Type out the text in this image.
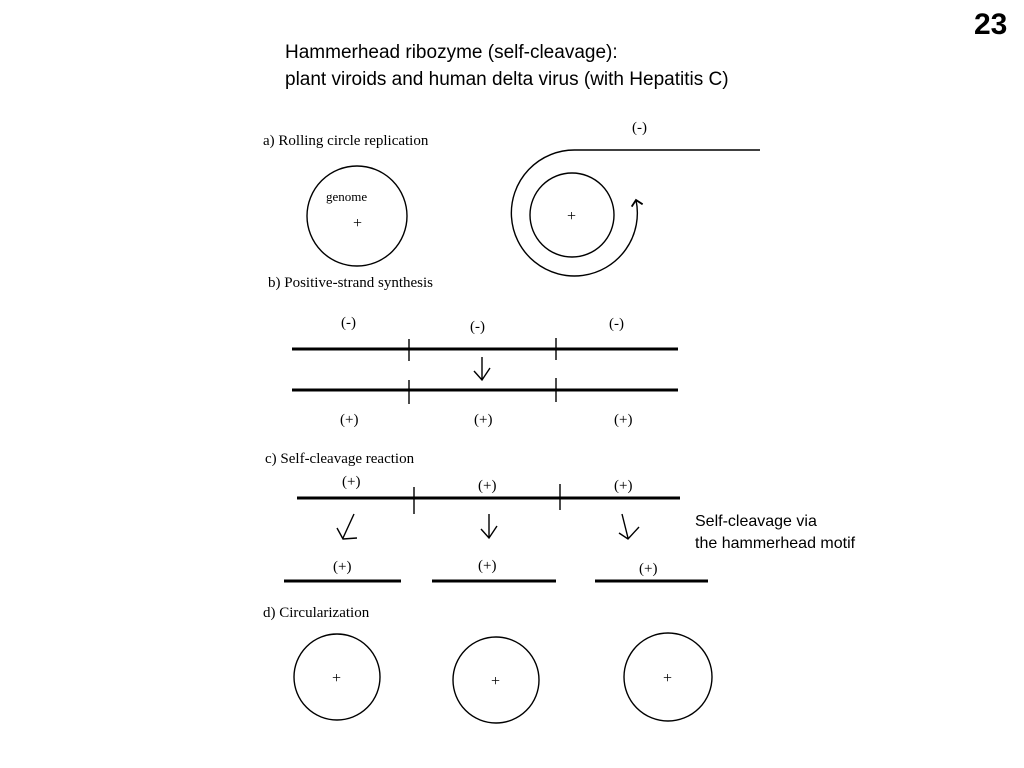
23
Hammerhead ribozyme (self-cleavage):
plant viroids and human delta virus (with Hepatitis C)
a) Rolling circle replication
genome
+	+
(-)
b) Positive-strand synthesis
(-)	(-)	(-)
(+)	(+)	(+)
c) Self-cleavage reaction
(+)	(+)	(+)
(+)	(+)	(+)
d) Circularization
+	+	+
Self-cleavage via
the hammerhead motif
